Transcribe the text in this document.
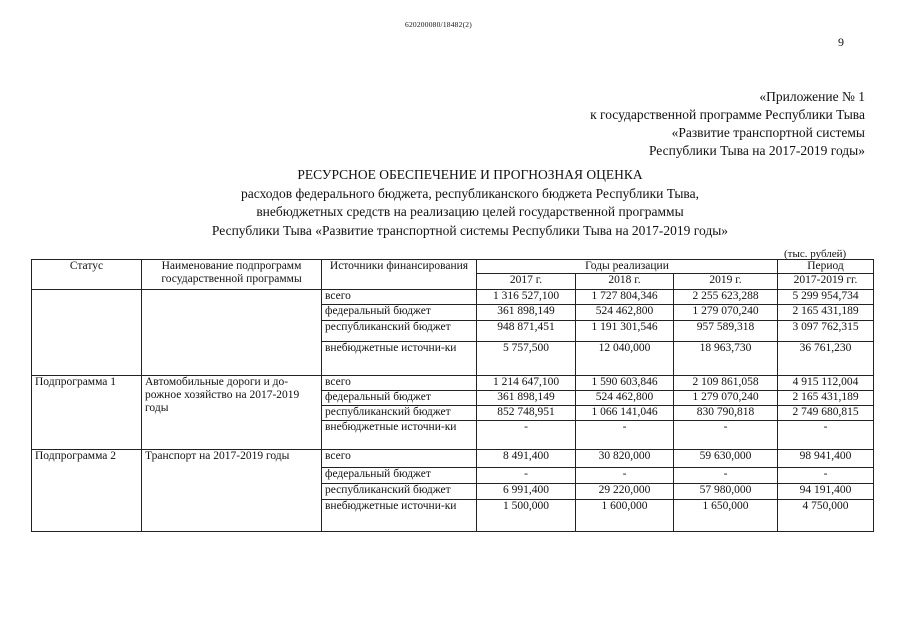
620200080/18482(2)
9
«Приложение № 1
к государственной программе Республики Тыва
«Развитие транспортной системы
Республики Тыва на 2017-2019 годы»
РЕСУРСНОЕ ОБЕСПЕЧЕНИЕ И ПРОГНОЗНАЯ ОЦЕНКА
расходов федерального бюджета, республиканского бюджета Республики Тыва,
внебюджетных средств на реализацию целей государственной программы
Республики Тыва «Развитие транспортной системы Республики Тыва на 2017-2019 годы»
(тыс. рублей)
Статус	Наименование подпрограмм государственной программы	Источники финансирования	Годы реализации			Период
			2017 г.	2018 г.	2019 г.	2017-2019 гг.
		всего	1 316 527,100	1 727 804,346	2 255 623,288	5 299 954,734
		федеральный бюджет	361 898,149	524 462,800	1 279 070,240	2 165 431,189
		республиканский бюджет	948 871,451	1 191 301,546	957 589,318	3 097 762,315
		внебюджетные источни-ки	5 757,500	12 040,000	18 963,730	36 761,230
Подпрограмма 1	Автомобильные дороги и до-рожное хозяйство на 2017-2019 годы	всего	1 214 647,100	1 590 603,846	2 109 861,058	4 915 112,004
		федеральный бюджет	361 898,149	524 462,800	1 279 070,240	2 165 431,189
		республиканский бюджет	852 748,951	1 066 141,046	830 790,818	2 749 680,815
		внебюджетные источни-ки	-	-	-	-
Подпрограмма 2	Транспорт на 2017-2019 годы	всего	8 491,400	30 820,000	59 630,000	98 941,400
		федеральный бюджет	-	-	-	-
		республиканский бюджет	6 991,400	29 220,000	57 980,000	94 191,400
		внебюджетные источни-ки	1 500,000	1 600,000	1 650,000	4 750,000
